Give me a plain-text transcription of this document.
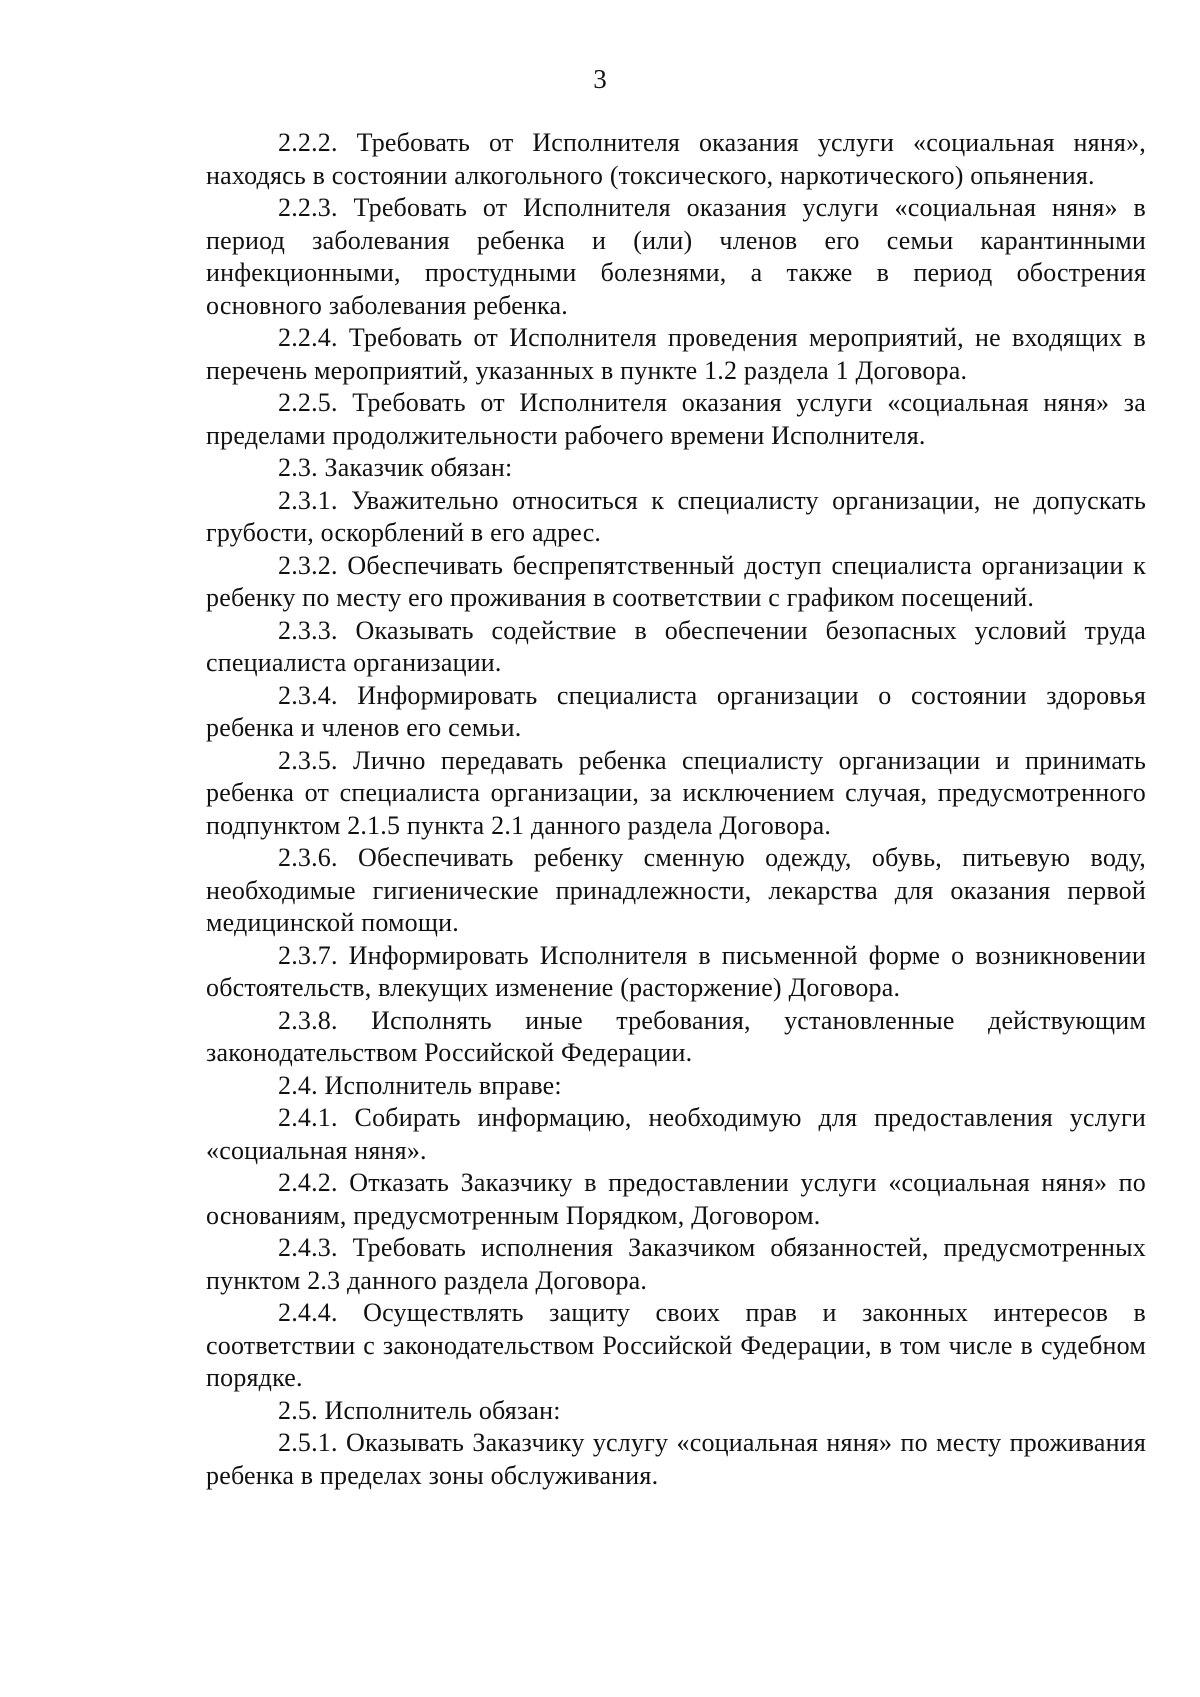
3

2.2.2. Требовать от Исполнителя оказания услуги «социальная няня», находясь в состоянии алкогольного (токсического, наркотического) опьянения.

2.2.3. Требовать от Исполнителя оказания услуги «социальная няня» в период заболевания ребенка и (или) членов его семьи карантинными инфекционными, простудными болезнями, а также в период обострения основного заболевания ребенка.

2.2.4. Требовать от Исполнителя проведения мероприятий, не входящих в перечень мероприятий, указанных в пункте 1.2 раздела 1 Договора.

2.2.5. Требовать от Исполнителя оказания услуги «социальная няня» за пределами продолжительности рабочего времени Исполнителя.

2.3. Заказчик обязан:

2.3.1. Уважительно относиться к специалисту организации, не допускать грубости, оскорблений в его адрес.

2.3.2. Обеспечивать беспрепятственный доступ специалиста организации к ребенку по месту его проживания в соответствии с графиком посещений.

2.3.3. Оказывать содействие в обеспечении безопасных условий труда специалиста организации.

2.3.4. Информировать специалиста организации о состоянии здоровья ребенка и членов его семьи.

2.3.5. Лично передавать ребенка специалисту организации и принимать ребенка от специалиста организации, за исключением случая, предусмотренного подпунктом 2.1.5 пункта 2.1 данного раздела Договора.

2.3.6. Обеспечивать ребенку сменную одежду, обувь, питьевую воду, необходимые гигиенические принадлежности, лекарства для оказания первой медицинской помощи.

2.3.7. Информировать Исполнителя в письменной форме о возникновении обстоятельств, влекущих изменение (расторжение) Договора.

2.3.8. Исполнять иные требования, установленные действующим законодательством Российской Федерации.

2.4. Исполнитель вправе:

2.4.1. Собирать информацию, необходимую для предоставления услуги «социальная няня».

2.4.2. Отказать Заказчику в предоставлении услуги «социальная няня» по основаниям, предусмотренным Порядком, Договором.

2.4.3. Требовать исполнения Заказчиком обязанностей, предусмотренных пунктом 2.3 данного раздела Договора.

2.4.4. Осуществлять защиту своих прав и законных интересов в соответствии с законодательством Российской Федерации, в том числе в судебном порядке.

2.5. Исполнитель обязан:

2.5.1. Оказывать Заказчику услугу «социальная няня» по месту проживания ребенка в пределах зоны обслуживания.
